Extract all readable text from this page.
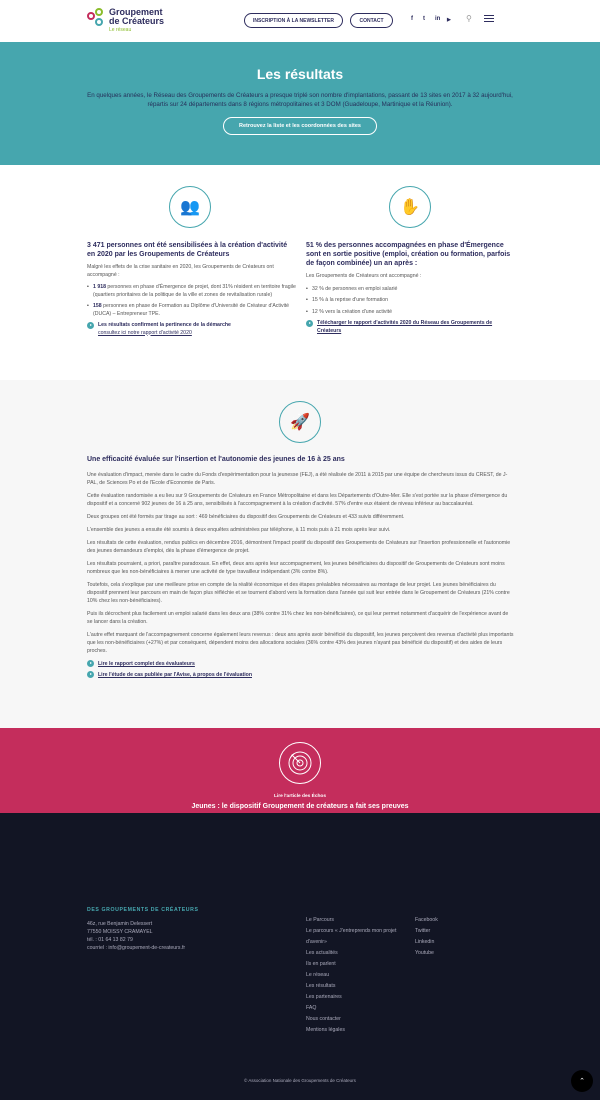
Groupement
de Créateurs
Le réseau
INSCRIPTION À LA NEWSLETTER	CONTACT	f t in ▶ ⚲
Les résultats

En quelques années, le Réseau des Groupements de Créateurs a presque triplé son nombre d'implantations, passant de 13 sites en 2017 à 32 aujourd'hui, répartis sur 24 départements dans 8 régions métropolitaines et 3 DOM (Guadeloupe, Martinique et la Réunion).

Retrouvez la liste et les coordonnées des sites
👥	✋
3 471 personnes ont été sensibilisées à la création d'activité en 2020 par les Groupements de Créateurs

Malgré les effets de la crise sanitaire en 2020, les Groupements de Créateurs ont accompagné :

• 1 918 personnes en phase d'Émergence de projet, dont 31% résident en territoire fragile (quartiers prioritaires de la politique de la ville et zones de revitalisation rurale)
• 158 personnes en phase de Formation au Diplôme d'Université de Créateur d'Activité (DUCA) – Entrepreneur TPE.
Les résultats confirment la pertinence de la démarche
consultez ici notre rapport d'activité 2020
51 % des personnes accompagnées en phase d'Émergence sont en sortie positive (emploi, création ou formation, parfois de façon combinée) un an après :

Les Groupements de Créateurs ont accompagné :

• 32 % de personnes en emploi salarié
• 15 % à la reprise d'une formation
• 12 % vers la création d'une activité
Télécharger le rapport d'activités 2020 du Réseau des Groupements de Créateurs
🚀
Une efficacité évaluée sur l'insertion et l'autonomie des jeunes de 16 à 25 ans

Une évaluation d'impact, menée dans le cadre du Fonds d'expérimentation pour la jeunesse (FEJ), a été réalisée de 2011 à 2015 par une équipe de chercheurs issus du CREST, de J-PAL, de Sciences Po et de l'Ecole d'Economie de Paris.

Cette évaluation randomisée a eu lieu sur 9 Groupements de Créateurs en France Métropolitaine et dans les Départements d'Outre-Mer. Elle s'est portée sur la phase d'émergence du dispositif et a concerné 902 jeunes de 16 à 25 ans, sensibilisés à l'accompagnement à la création d'activité. 57% d'entre eux étaient de niveau inférieur au baccalauréat.

Deux groupes ont été formés par tirage au sort : 469 bénéficiaires du dispositif des Groupements de Créateurs et 433 suivis différemment.

L'ensemble des jeunes a ensuite été soumis à deux enquêtes administrées par téléphone, à 11 mois puis à 21 mois après leur suivi.

Les résultats de cette évaluation, rendus publics en décembre 2016, démontrent l'impact positif du dispositif des Groupements de Créateurs sur l'insertion professionnelle et l'autonomie des jeunes demandeurs d'emploi, dès la phase d'émergence de projet.

Les résultats pourraient, a priori, paraître paradoxaux. En effet, deux ans après leur accompagnement, les jeunes bénéficiaires du dispositif de Groupements de Créateurs sont moins nombreux que les non-bénéficiaires à mener une activité de type travailleur indépendant (3% contre 8%).

Toutefois, cela s'explique par une meilleure prise en compte de la réalité économique et des étapes préalables nécessaires au montage de leur projet. Les jeunes bénéficiaires du dispositif prennent leur parcours en main de façon plus réfléchie et se tournent d'abord vers la formation dans l'année qui suit leur entrée dans le Groupement de Créateurs (21% contre 10% chez les non-bénéficiaires).

Puis ils décrochent plus facilement un emploi salarié dans les deux ans (38% contre 31% chez les non-bénéficiaires), ce qui leur permet notamment d'acquérir de l'expérience avant de se lancer dans la création.

L'autre effet marquant de l'accompagnement concerne également leurs revenus : deux ans après avoir bénéficié du dispositif, les jeunes perçoivent des revenus d'activité plus importants que les non-bénéficiaires (+27%) et par conséquent, dépendent moins des allocations sociales (36% contre 43% des jeunes n'ayant pas bénéficié du dispositif) et des aides de leurs proches.

Lire le rapport complet des évaluateurs
Lire l'étude de cas publiée par l'Avise, à propos de l'évaluation
Lire l'article des Échos
Jeunes : le dispositif Groupement de créateurs a fait ses preuves
DES GROUPEMENTS DE CRÉATEURS
46z, rue Benjamin Delessert
77550 MOISSY CRAMAYEL
tél. : 01 64 13 82 79
courriel : info@groupement-de-createurs.fr
Le Parcours
Le parcours « J'entreprends mon projet d'avenir»
Les actualités
Ils en parlent
Le réseau
Les résultats
Les partenaires
FAQ
Nous contacter
Mentions légales
Facebook
Twitter
Linkedin
Youtube
© Association Nationale des Groupements de Créateurs	⌃
